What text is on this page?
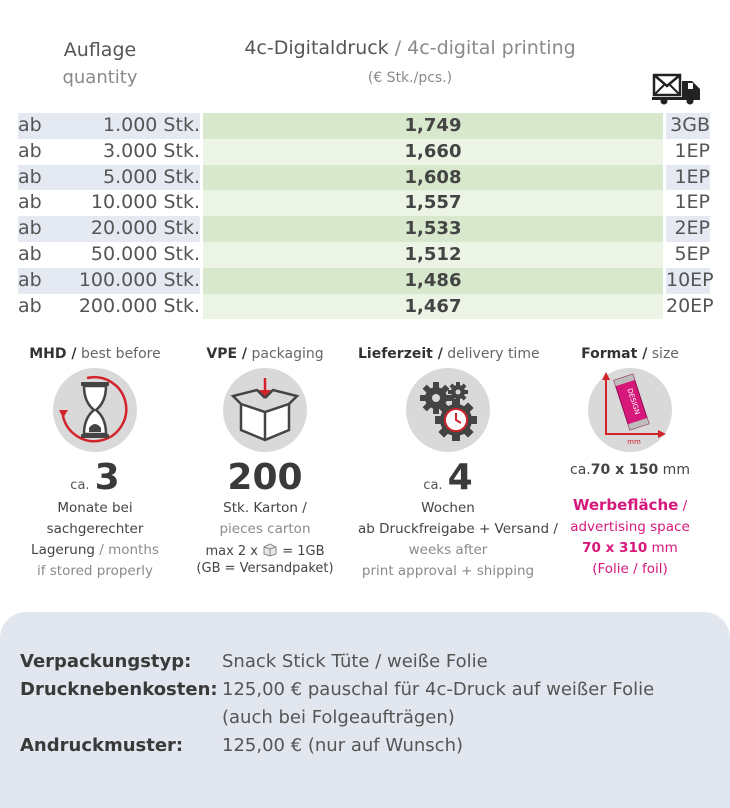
Auflage
quantity
4c-Digitaldruck / 4c-digital printing
(€ Stk./pcs.)
ab	1.000 Stk.	1,749	3GB
ab	3.000 Stk.	1,660	1EP
ab	5.000 Stk.	1,608	1EP
ab	10.000 Stk.	1,557	1EP
ab	20.000 Stk.	1,533	2EP
ab	50.000 Stk.	1,512	5EP
ab	100.000 Stk.	1,486	10EP
ab	200.000 Stk.	1,467	20EP
MHD / best before
ca. 3
Monate bei
sachgerechter
Lagerung / months
if stored properly
VPE / packaging
200
Stk. Karton /
pieces carton
max 2 x  = 1GB
(GB = Versandpaket)
Lieferzeit / delivery time
ca. 4
Wochen
ab Druckfreigabe + Versand /
weeks after
print approval + shipping
Format / size
DESIGN
mm
ca.70 x 150 mm
Werbefläche /
advertising space
70 x 310 mm
(Folie / foil)
Verpackungstyp:	Snack Stick Tüte / weiße Folie
Drucknebenkosten: 125,00 € pauschal für 4c-Druck auf weißer Folie
(auch bei Folgeaufträgen)
Andruckmuster:	125,00 € (nur auf Wunsch)
